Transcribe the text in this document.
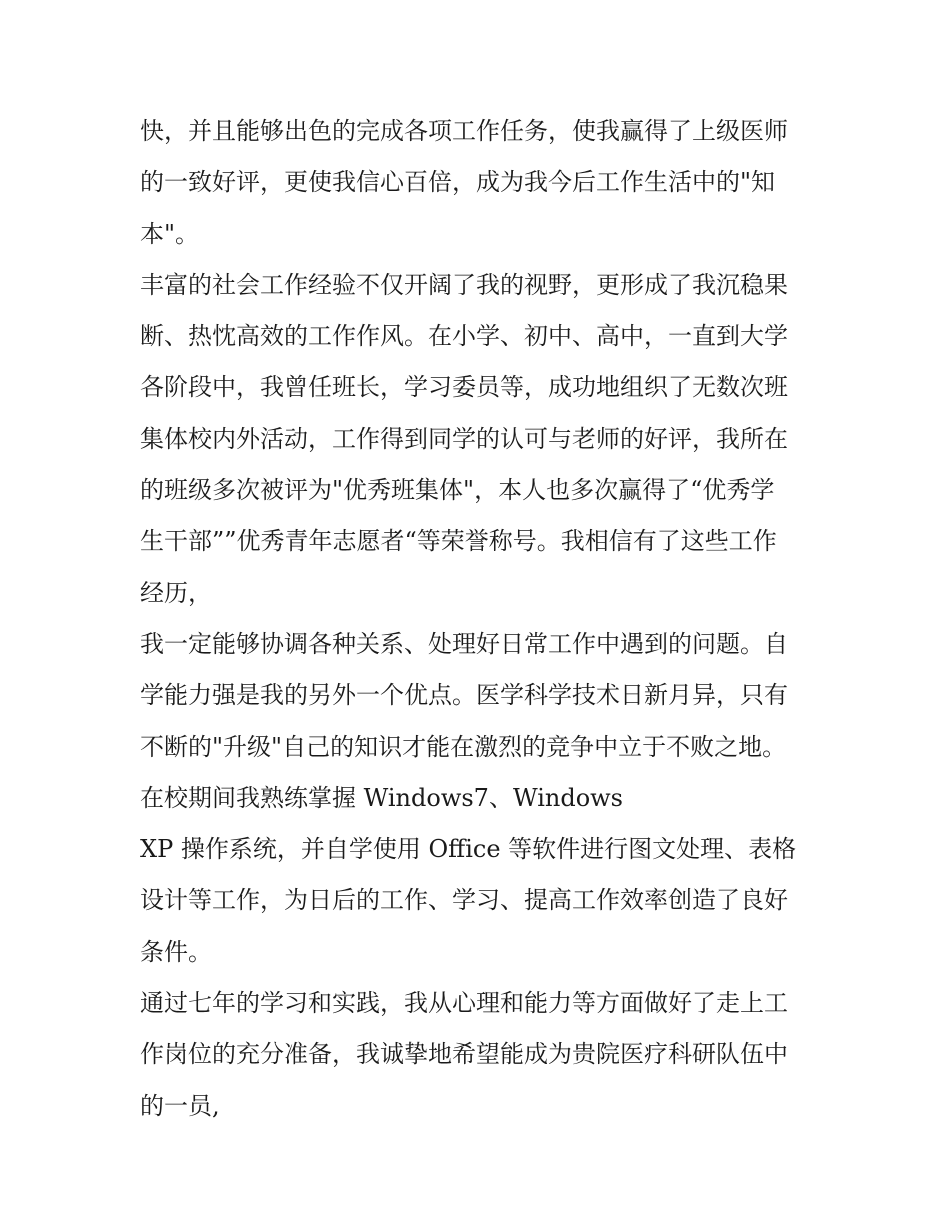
快，并且能够出色的完成各项工作任务，使我赢得了上级医师
的一致好评，更使我信心百倍，成为我今后工作生活中的"知
本"。
丰富的社会工作经验不仅开阔了我的视野，更形成了我沉稳果
断、热忱高效的工作作风。在小学、初中、高中，一直到大学
各阶段中，我曾任班长，学习委员等，成功地组织了无数次班
集体校内外活动，工作得到同学的认可与老师的好评，我所在
的班级多次被评为"优秀班集体"，本人也多次赢得了“优秀学
生干部””优秀青年志愿者“等荣誉称号。我相信有了这些工作
经历，
我一定能够协调各种关系、处理好日常工作中遇到的问题。自
学能力强是我的另外一个优点。医学科学技术日新月异，只有
不断的"升级"自己的知识才能在激烈的竞争中立于不败之地。
在校期间我熟练掌握 Windows7、Windows
XP 操作系统，并自学使用 Office 等软件进行图文处理、表格
设计等工作，为日后的工作、学习、提高工作效率创造了良好
条件。
通过七年的学习和实践，我从心理和能力等方面做好了走上工
作岗位的充分准备，我诚挚地希望能成为贵院医疗科研队伍中
的一员,
